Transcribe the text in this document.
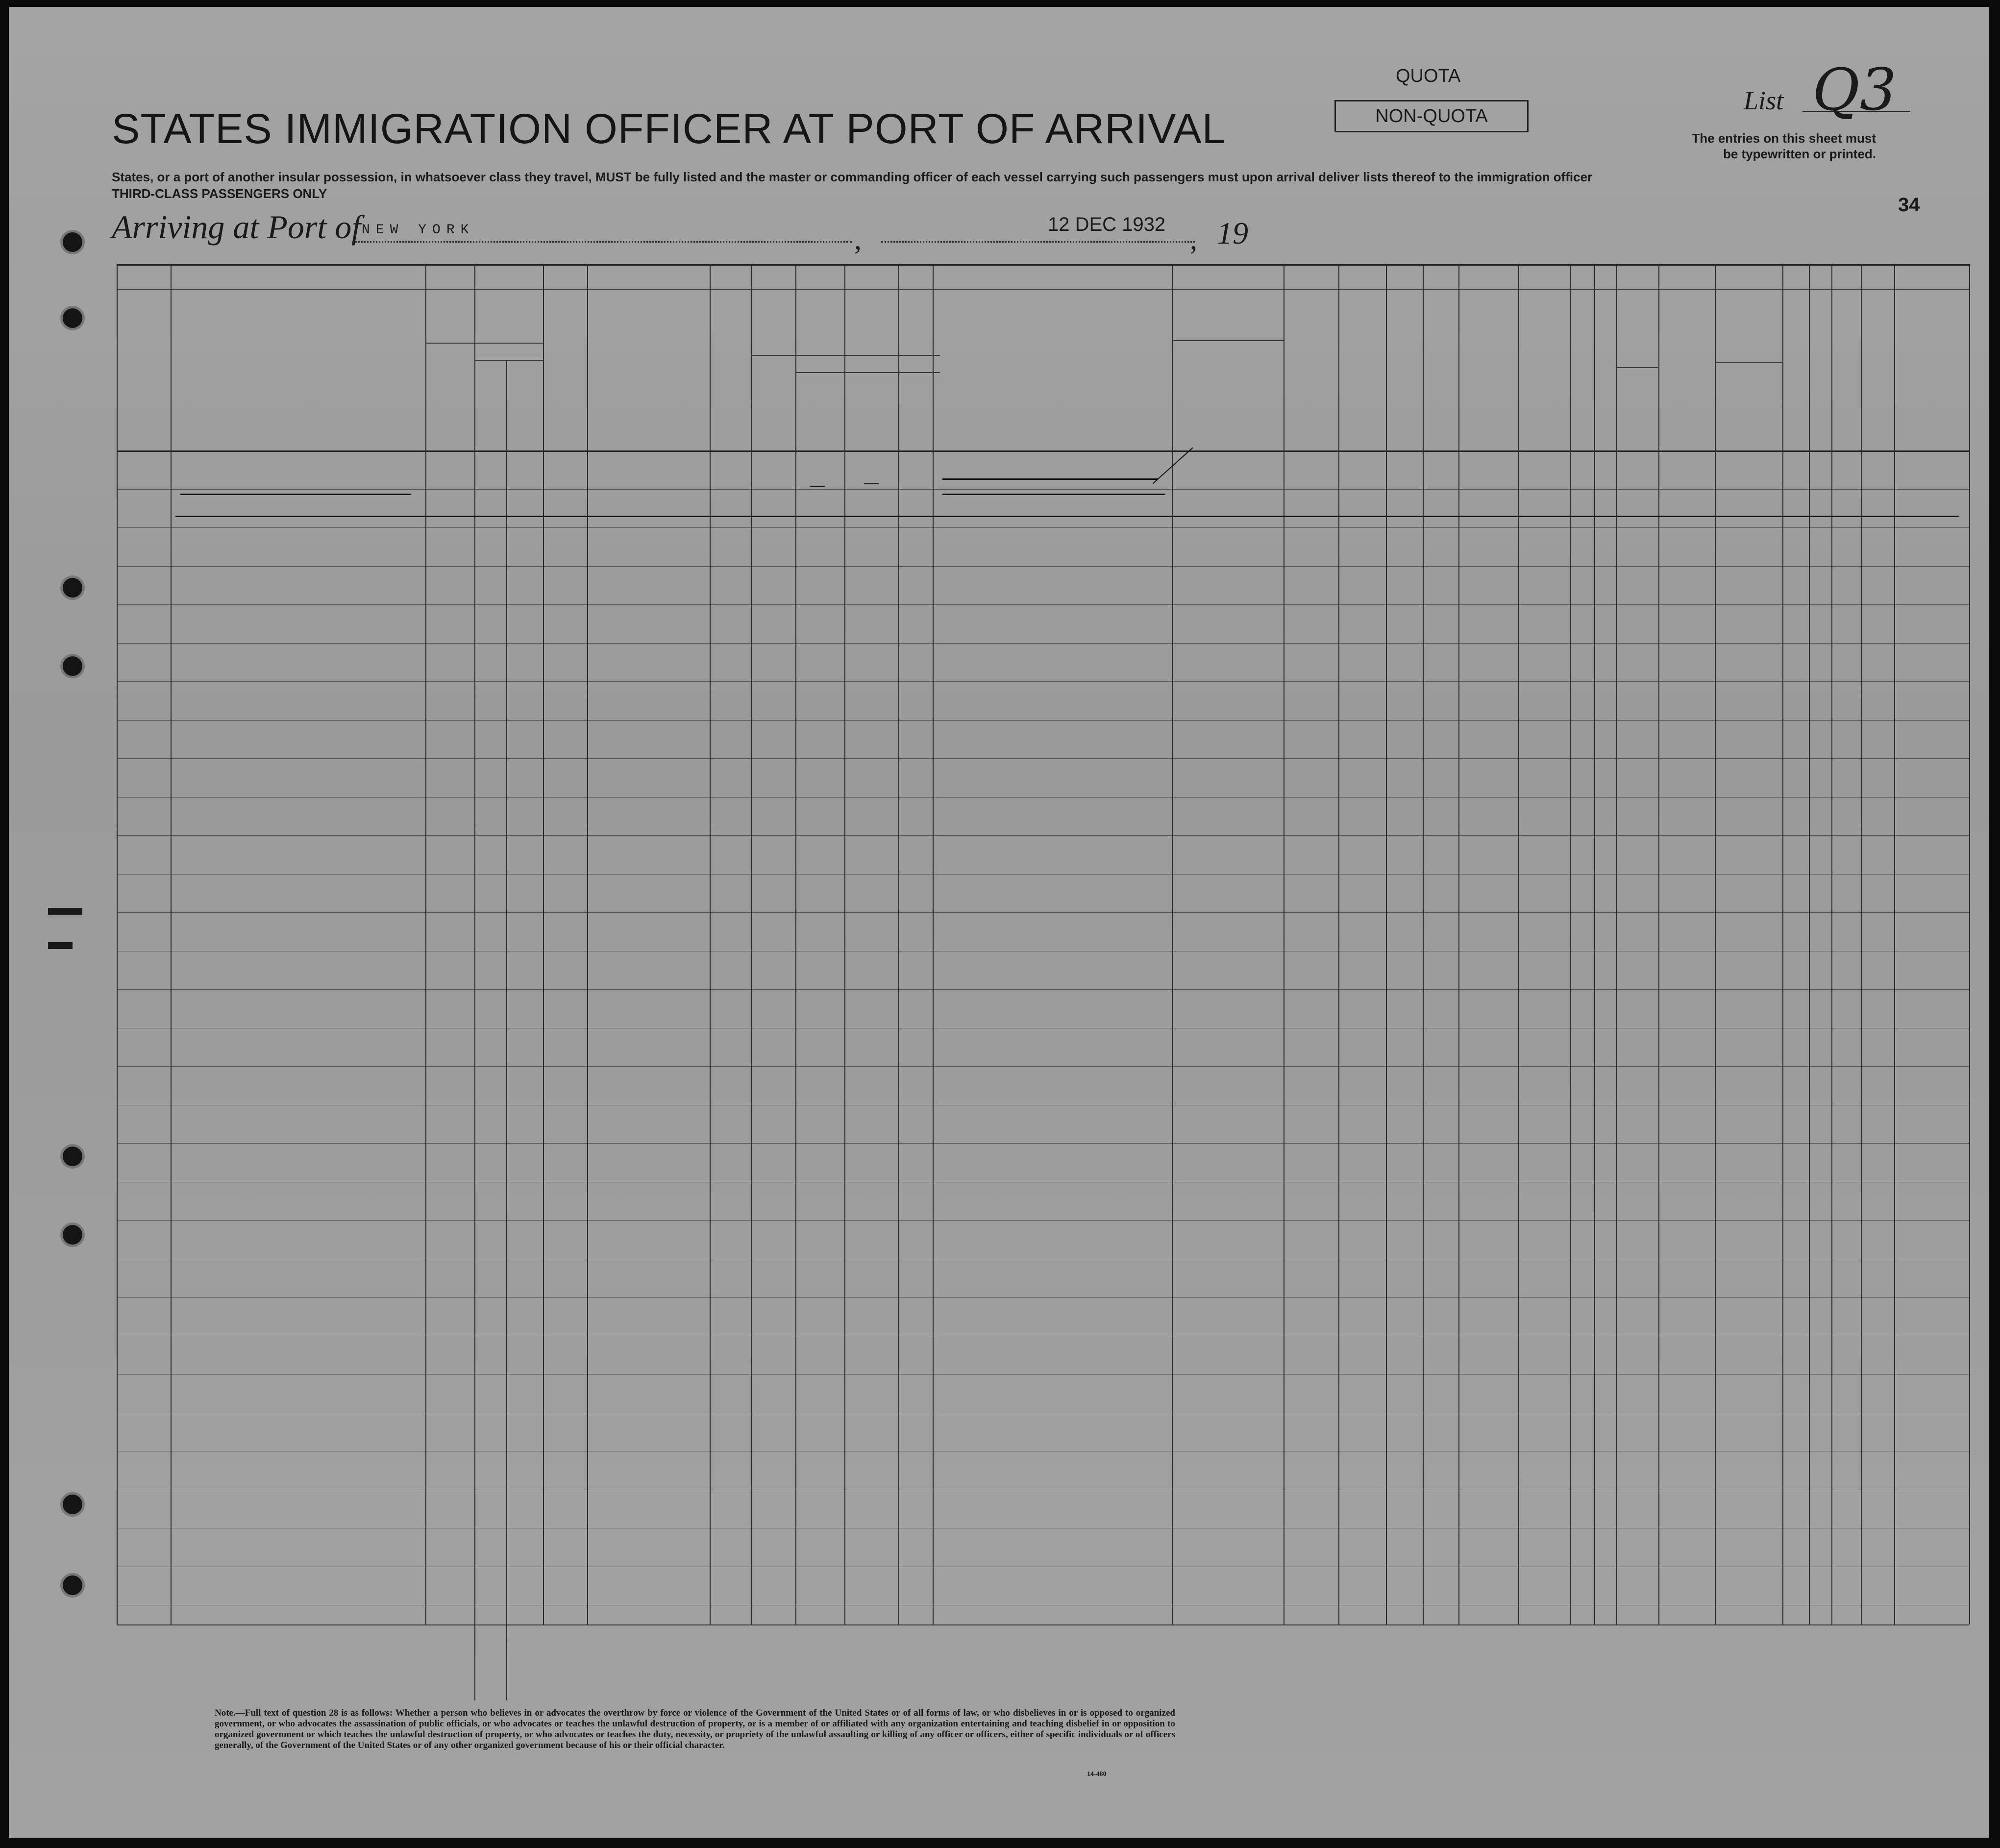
STATES IMMIGRATION OFFICER AT PORT OF ARRIVAL
States, or a port of another insular possession, in whatsoever class they travel, MUST be fully listed and the master or commanding officer of each vessel carrying such passengers must upon arrival deliver lists thereof to the immigration officer
THIRD-CLASS PASSENGERS ONLY
QUOTA
NON-QUOTA
List Q3
The entries on this sheet must be typewritten or printed.
34
Arriving at Port of NEW YORK	,	12 DEC 1932 , 19
—	—
Note.—Full text of question 28 is as follows: Whether a person who believes in or advocates the overthrow by force or violence of the Government of the United States or of all forms of law, or who disbelieves in or is opposed to organized government, or who advocates the assassination of public officials, or who advocates or teaches the unlawful destruction of property, or is a member of or affiliated with any organization entertaining and teaching disbelief in or opposition to organized government or which teaches the unlawful destruction of property, or who advocates or teaches the duty, necessity, or propriety of the unlawful assaulting or killing of any officer or officers, either of specific individuals or of officers generally, of the Government of the United States or of any other organized government because of his or their official character.
14-480
